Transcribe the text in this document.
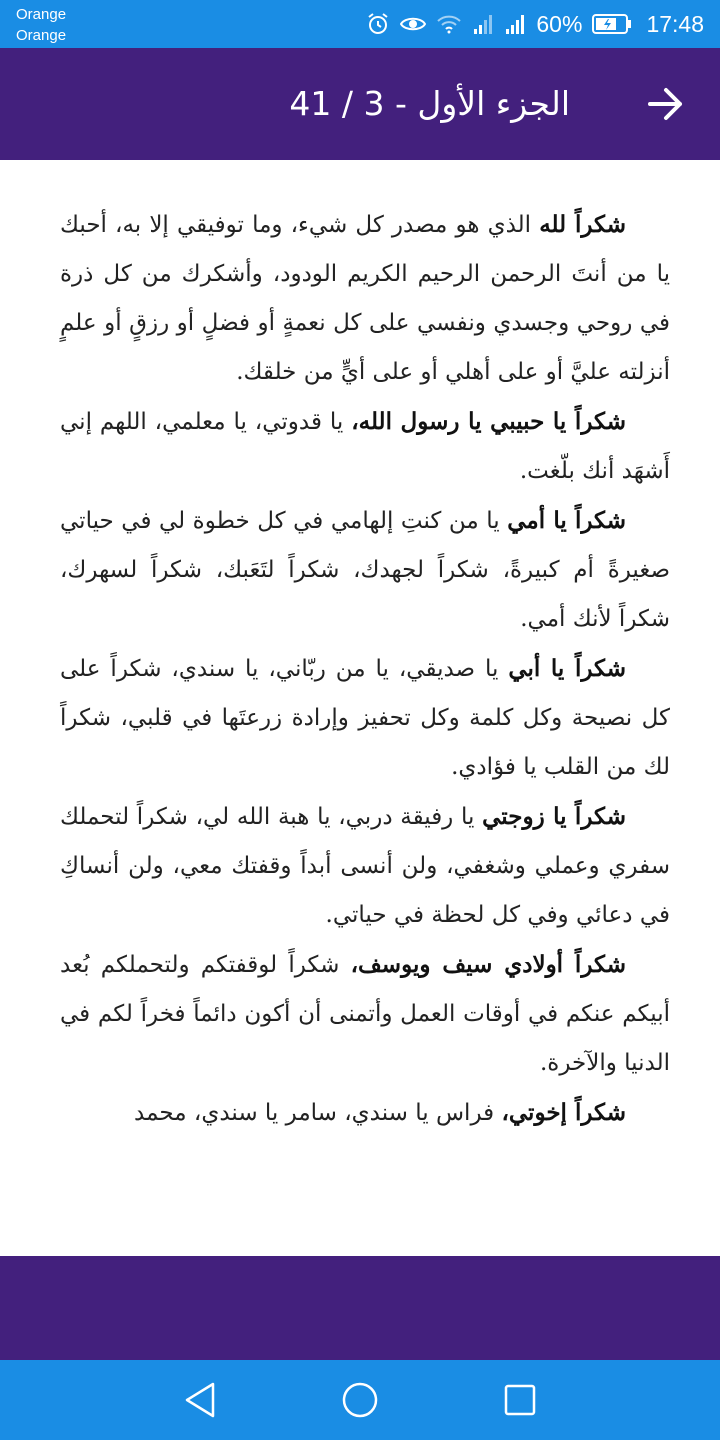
Orange
Orange	60%	17:48
الجزء الأول - 3 / 41

شكراً لله الذي هو مصدر كل شيء، وما توفيقي إلا به، أحبك يا من أنتَ الرحمن الرحيم الكريم الودود، وأشكرك من كل ذرة في روحي وجسدي ونفسي على كل نعمةٍ أو فضلٍ أو رزقٍ أو علمٍ أنزلته عليَّ أو على أهلي أو على أيٍّ من خلقك.

شكراً يا حبيبي يا رسول الله، يا قدوتي، يا معلمي، اللهم إني أَشهَد أنك بلّغت.

شكراً يا أمي يا من كنتِ إلهامي في كل خطوة لي في حياتي صغيرةً أم كبيرةً، شكراً لجهدك، شكراً لتَعَبك، شكراً لسهرك، شكراً لأنك أمي.

شكراً يا أبي يا صديقي، يا من ربّاني، يا سندي، شكراً على كل نصيحة وكل كلمة وكل تحفيز وإرادة زرعتَها في قلبي، شكراً لك من القلب يا فؤادي.

شكراً يا زوجتي يا رفيقة دربي، يا هبة الله لي، شكراً لتحملك سفري وعملي وشغفي، ولن أنسى أبداً وقفتك معي، ولن أنساكِ في دعائي وفي كل لحظة في حياتي.

شكراً أولادي سيف ويوسف، شكراً لوقفتكم ولتحملكم بُعد أبيكم عنكم في أوقات العمل وأتمنى أن أكون دائماً فخراً لكم في الدنيا والآخرة.

شكراً إخوتي، فراس يا سندي، سامر يا سندي، محمد
